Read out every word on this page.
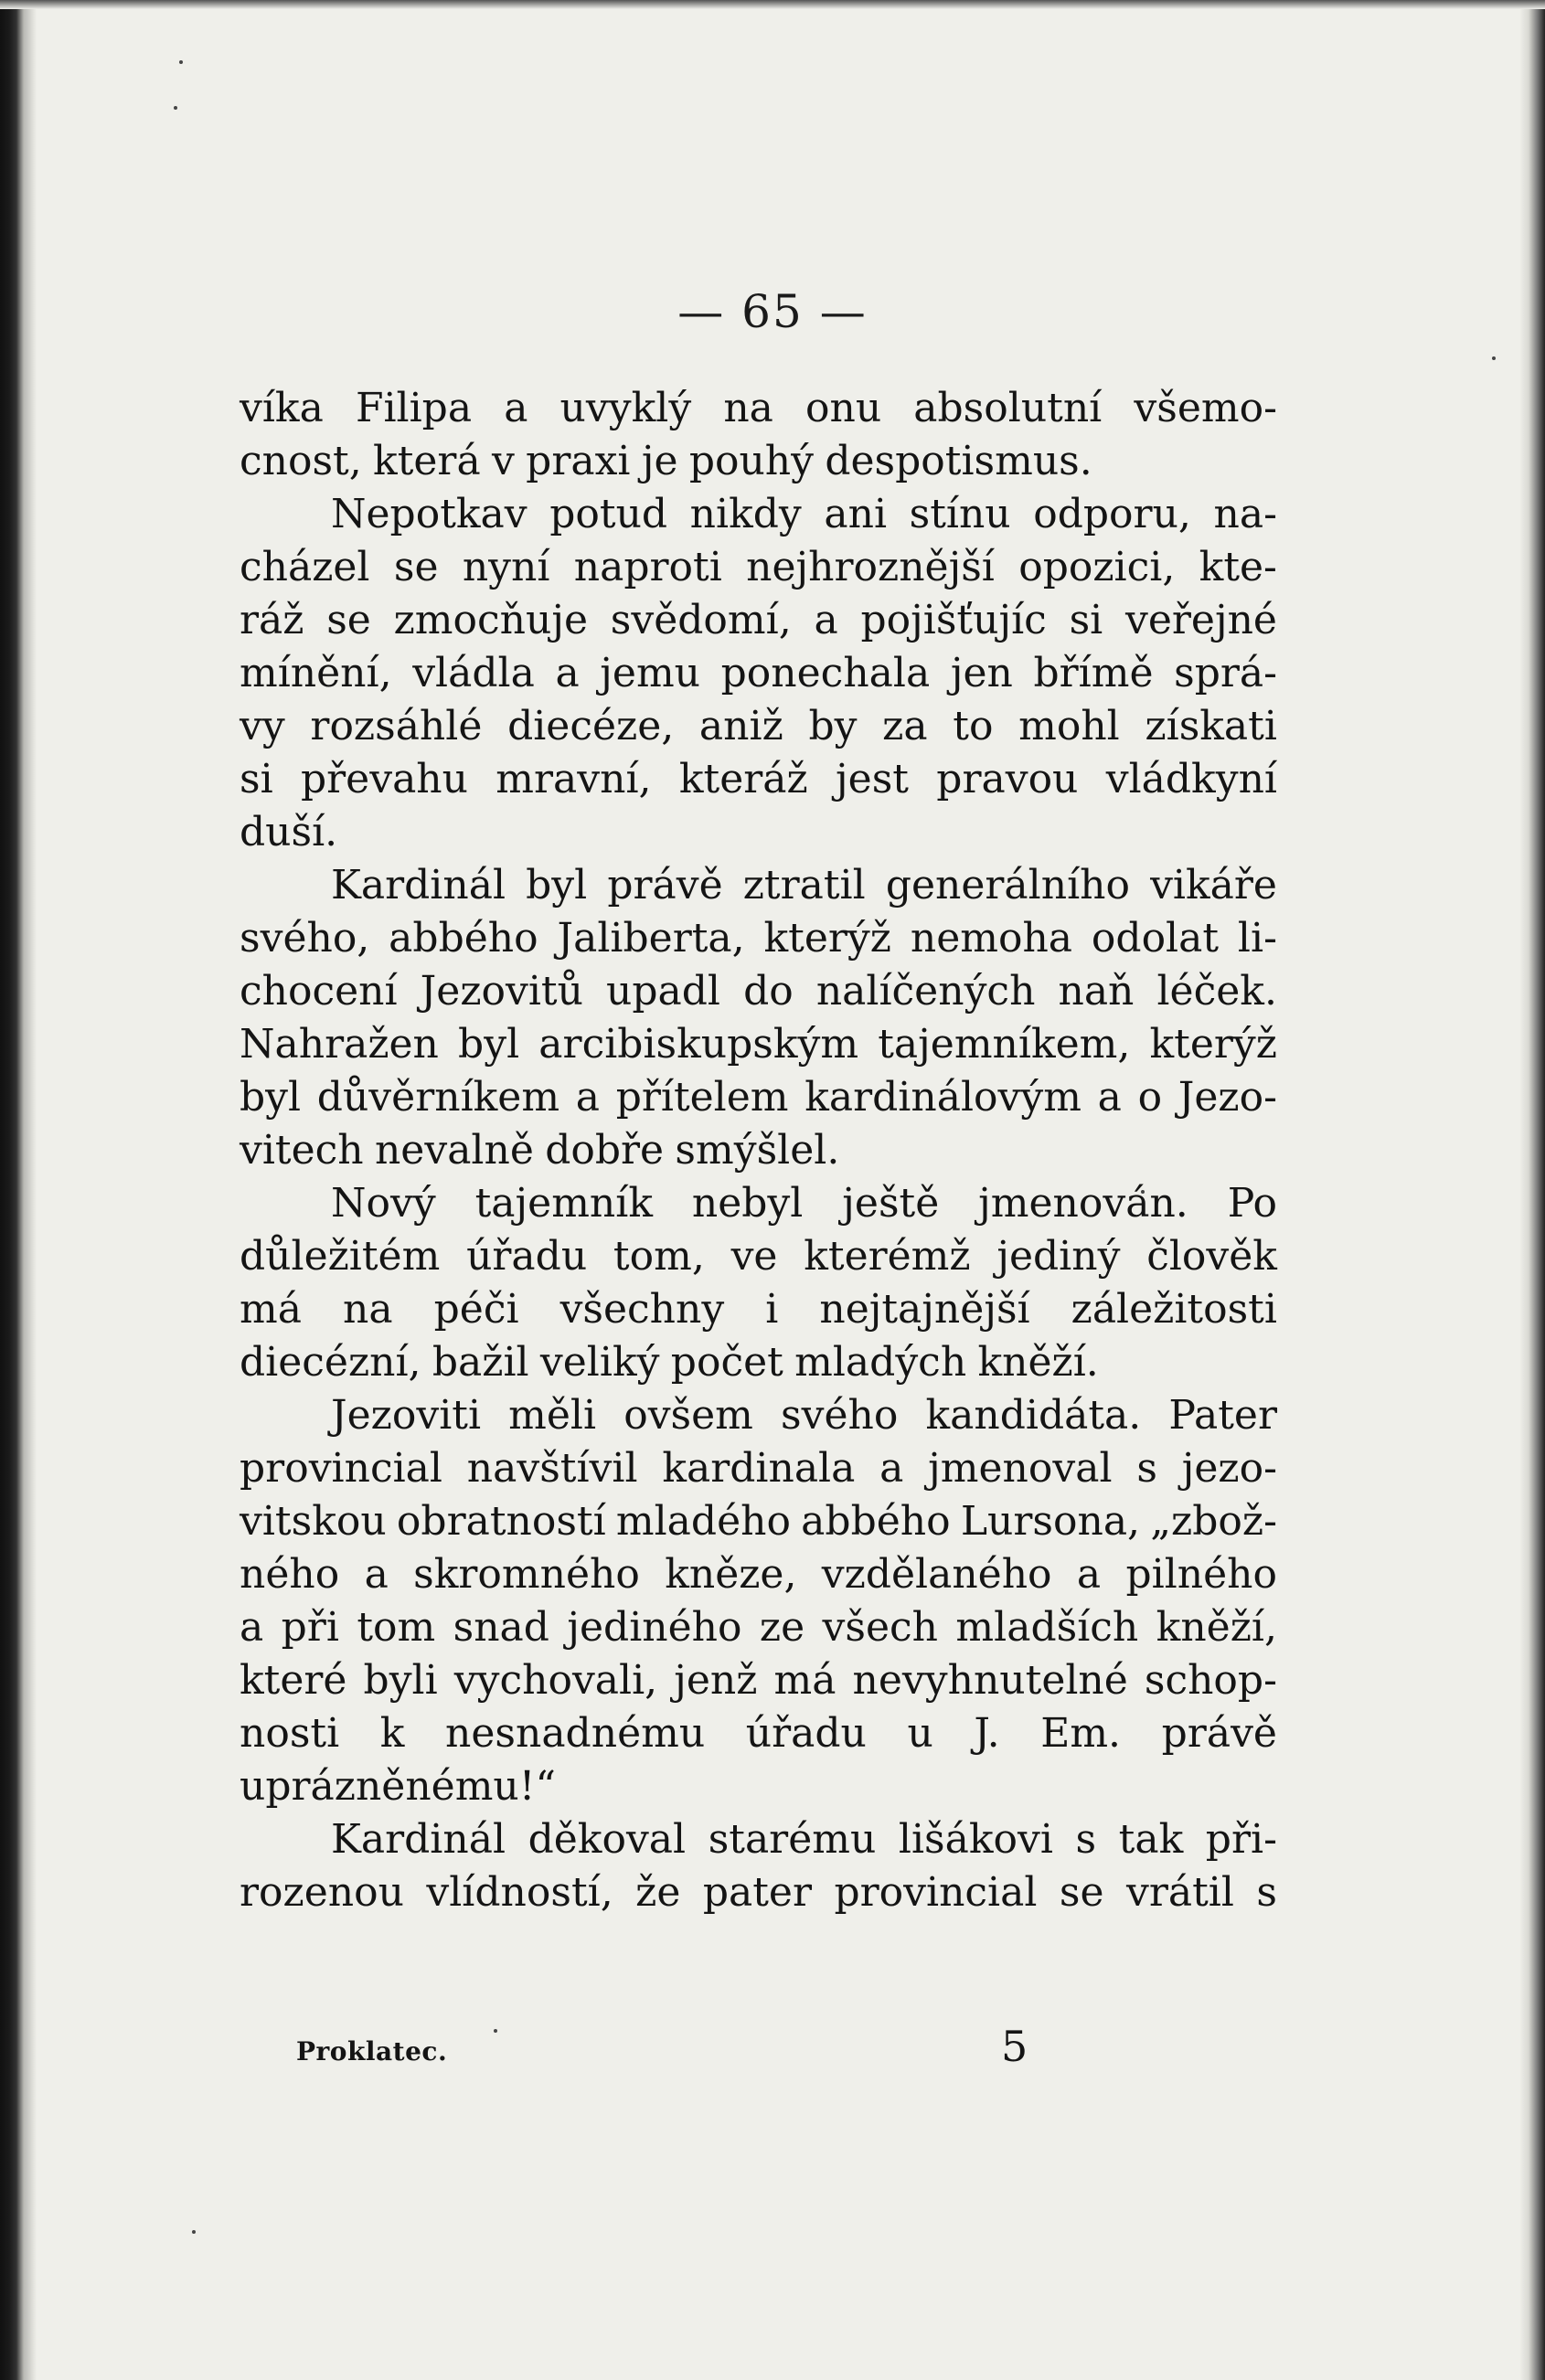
— 65 —
víka Filipa a uvyklý na onu absolutní všemo-
cnost, která v praxi je pouhý despotismus.
Nepotkav potud nikdy ani stínu odporu, na-
cházel se nyní naproti nejhroznější opozici, kte-
ráž se zmocňuje svědomí, a pojišťujíc si veřejné
mínění, vládla a jemu ponechala jen břímě sprá-
vy rozsáhlé diecéze, aniž by za to mohl získati
si převahu mravní, kteráž jest pravou vládkyní
duší.
Kardinál byl právě ztratil generálního vikáře
svého, abbého Jaliberta, kterýž nemoha odolat li-
chocení Jezovitů upadl do nalíčených naň léček.
Nahražen byl arcibiskupským tajemníkem, kterýž
byl důvěrníkem a přítelem kardinálovým a o Jezo-
vitech nevalně dobře smýšlel.
Nový tajemník nebyl ještě jmenován. Po
důležitém úřadu tom, ve kterémž jediný člověk
má na péči všechny i nejtajnější záležitosti
diecézní, bažil veliký počet mladých kněží.
Jezoviti měli ovšem svého kandidáta. Pater
provincial navštívil kardinala a jmenoval s jezo-
vitskou obratností mladého abbého Lursona, „zbož-
ného a skromného kněze, vzdělaného a pilného
a při tom snad jediného ze všech mladších kněží,
které byli vychovali, jenž má nevyhnutelné schop-
nosti k nesnadnému úřadu u J. Em. právě
uprázněnému!“
Kardinál děkoval starému lišákovi s tak při-
rozenou vlídností, že pater provincial se vrátil s
Proklatec.	5
